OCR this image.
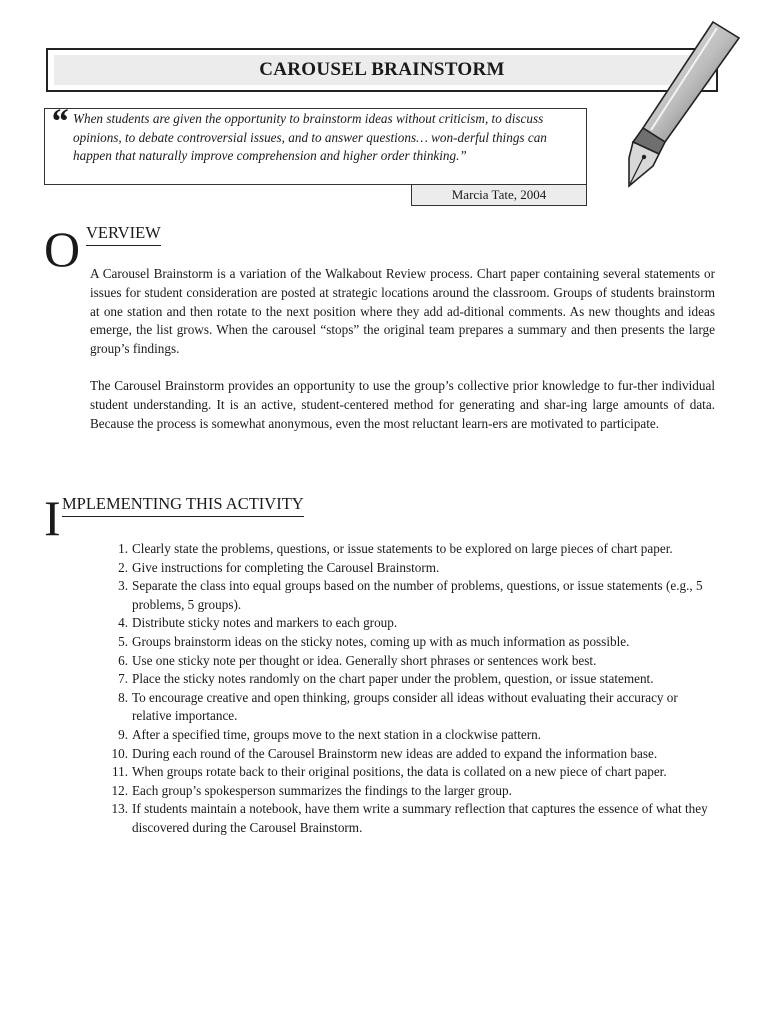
CAROUSEL BRAINSTORM
“ When students are given the opportunity to brainstorm ideas without criticism, to discuss opinions, to debate controversial issues, and to answer questions… won-derful things can happen that naturally improve comprehension and higher order thinking.”
Marcia Tate, 2004
O VERVIEW

A Carousel Brainstorm is a variation of the Walkabout Review process. Chart paper containing several statements or issues for student consideration are posted at strategic locations around the classroom. Groups of students brainstorm at one station and then rotate to the next position where they add ad-ditional comments. As new thoughts and ideas emerge, the list grows. When the carousel “stops” the original team prepares a summary and then presents the large group’s findings.

The Carousel Brainstorm provides an opportunity to use the group’s collective prior knowledge to fur-ther individual student understanding. It is an active, student-centered method for generating and shar-ing large amounts of data. Because the process is somewhat anonymous, even the most reluctant learn-ers are motivated to participate.

I MPLEMENTING THIS ACTIVITY
1. Clearly state the problems, questions, or issue statements to be explored on large pieces of chart paper.
2. Give instructions for completing the Carousel Brainstorm.
3. Separate the class into equal groups based on the number of problems, questions, or issue statements (e.g., 5 problems, 5 groups).
4. Distribute sticky notes and markers to each group.
5. Groups brainstorm ideas on the sticky notes, coming up with as much information as possible.
6. Use one sticky note per thought or idea. Generally short phrases or sentences work best.
7. Place the sticky notes randomly on the chart paper under the problem, question, or issue statement.
8. To encourage creative and open thinking, groups consider all ideas without evaluating their accuracy or relative importance.
9. After a specified time, groups move to the next station in a clockwise pattern.
10. During each round of the Carousel Brainstorm new ideas are added to expand the information base.
11. When groups rotate back to their original positions, the data is collated on a new piece of chart paper.
12. Each group’s spokesperson summarizes the findings to the larger group.
13. If students maintain a notebook, have them write a summary reflection that captures the essence of what they discovered during the Carousel Brainstorm.
